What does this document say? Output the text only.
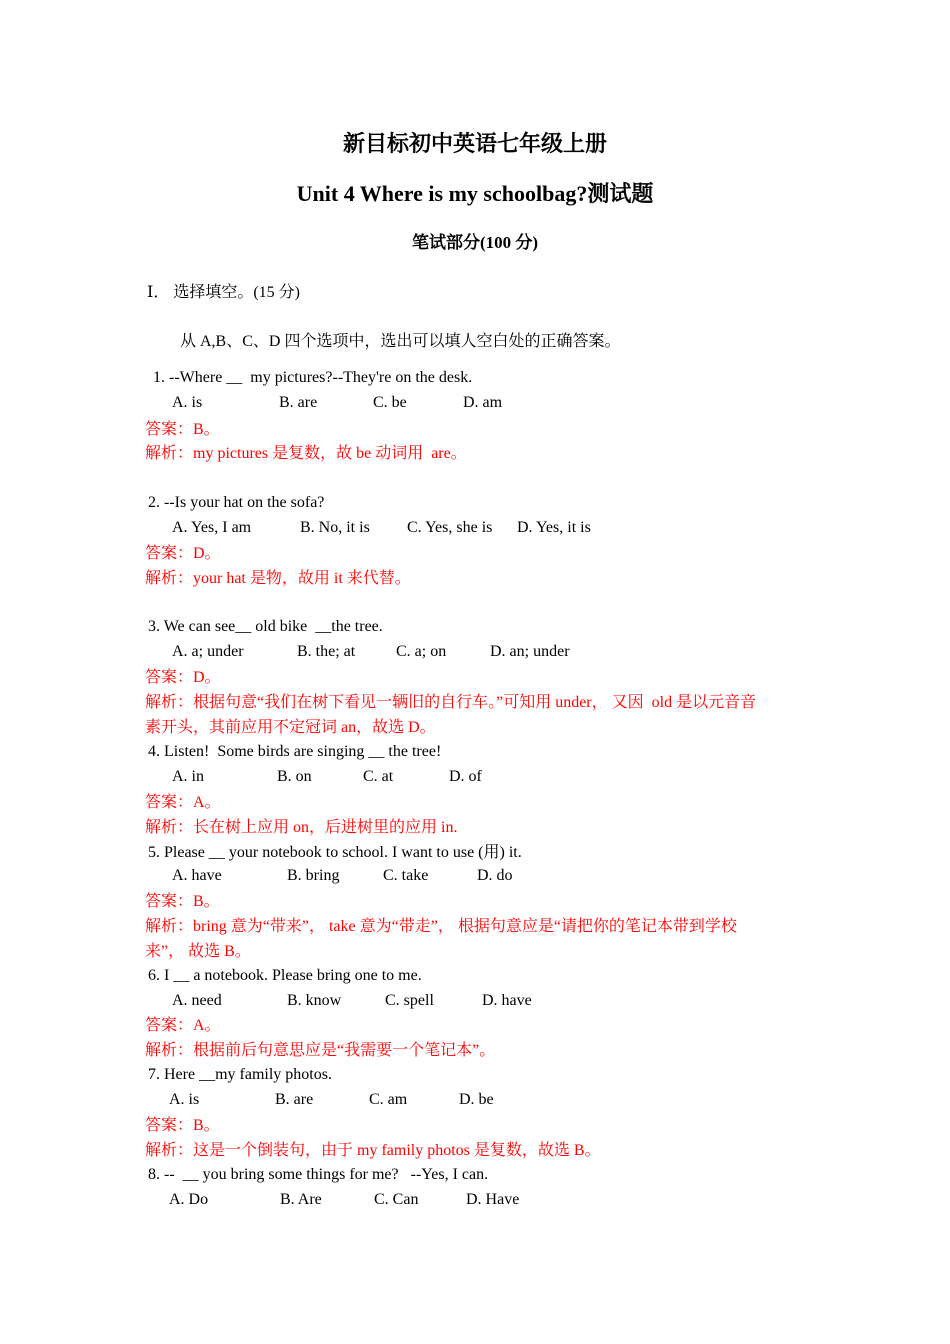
新目标初中英语七年级上册
Unit 4 Where is my schoolbag?测试题
笔试部分(100 分)
Ⅰ． 选择填空。(15 分)
从 A,B、C、D 四个选项中，选出可以填人空白处的正确答案。
1. --Where __  my pictures?--They're on the desk.
A. is	B. are	C. be	D. am
答案：B。
解析：my pictures 是复数，故 be 动词用  are。
2. --Is your hat on the sofa?
A. Yes, I am	B. No, it is C. Yes, she is D. Yes, it is
答案：D。
解析：your hat 是物，故用 it 来代替。
3. We can see__ old bike  __the tree.
A. a; under	B. the; at	C. a; on	D. an; under
答案：D。
解析：根据句意“我们在树下看见一辆旧的自行车。”可知用 under， 又因  old 是以元音音
素开头，其前应用不定冠词 an，故选 D。
4. Listen!  Some birds are singing __ the tree!
A. in	B. on	C. at	D. of
答案：A。
解析：长在树上应用 on，后进树里的应用 in.
5. Please __ your notebook to school. I want to use (用) it.
A. have	B. bring	C. take	D. do
答案：B。
解析：bring 意为“带来”， take 意为“带走”， 根据句意应是“请把你的笔记本带到学校
来”， 故选 B。
6. I __ a notebook. Please bring one to me.
A. need	B. know	C. spell	D. have
答案：A。
解析：根据前后句意思应是“我需要一个笔记本”。
7. Here __my family photos.
A. is	B. are	C. am	D. be
答案：B。
解析：这是一个倒装句，由于 my family photos 是复数，故选 B。
8. --  __ you bring some things for me?   --Yes, I can.
A. Do	B. Are	C. Can	D. Have
